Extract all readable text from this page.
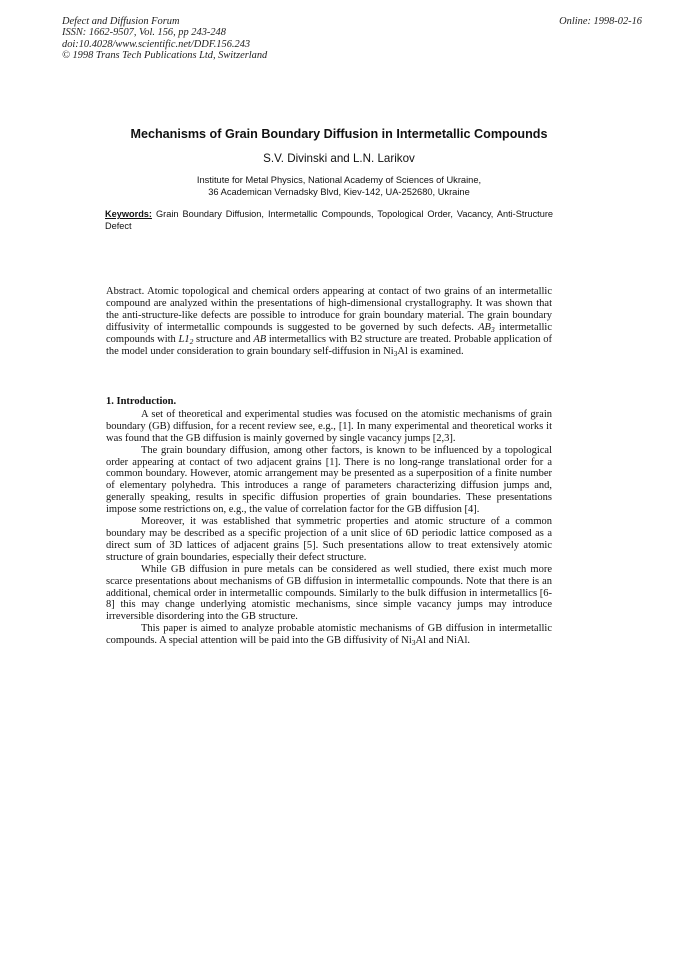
Defect and Diffusion Forum
ISSN: 1662-9507, Vol. 156, pp 243-248
doi:10.4028/www.scientific.net/DDF.156.243
© 1998 Trans Tech Publications Ltd, Switzerland
Online: 1998-02-16
Mechanisms of Grain Boundary Diffusion in Intermetallic Compounds
S.V. Divinski and L.N. Larikov
Institute for Metal Physics, National Academy of Sciences of Ukraine,
36 Academican Vernadsky Blvd, Kiev-142, UA-252680, Ukraine
Keywords: Grain Boundary Diffusion, Intermetallic Compounds, Topological Order, Vacancy, Anti-Structure Defect

Abstract. Atomic topological and chemical orders appearing at contact of two grains of an intermetallic compound are analyzed within the presentations of high-dimensional crystallography. It was shown that the anti-structure-like defects are possible to introduce for grain boundary material. The grain boundary diffusivity of intermetallic compounds is suggested to be governed by such defects. $AB_3$ intermetallic compounds with $L1_2$ structure and AB intermetallics with B2 structure are treated. Probable application of the model under consideration to grain boundary self-diffusion in $Ni_3Al$ is examined.

1. Introduction.

A set of theoretical and experimental studies was focused on the atomistic mechanisms of grain boundary (GB) diffusion, for a recent review see, e.g., [1]. In many experimental and theoretical works it was found that the GB diffusion is mainly governed by single vacancy jumps [2,3].

The grain boundary diffusion, among other factors, is known to be influenced by a topological order appearing at contact of two adjacent grains [1]. There is no long-range translational order for a common boundary. However, atomic arrangement may be presented as a superposition of a finite number of elementary polyhedra. This introduces a range of parameters characterizing diffusion jumps and, generally speaking, results in specific diffusion properties of grain boundaries. These presentations impose some restrictions on, e.g., the value of correlation factor for the GB diffusion [4].

Moreover, it was established that symmetric properties and atomic structure of a common boundary may be described as a specific projection of a unit slice of 6D periodic lattice composed as a direct sum of 3D lattices of adjacent grains [5]. Such presentations allow to treat extensively atomic structure of grain boundaries, especially their defect structure.

While GB diffusion in pure metals can be considered as well studied, there exist much more scarce presentations about mechanisms of GB diffusion in intermetallic compounds. Note that there is an additional, chemical order in intermetallic compounds. Similarly to the bulk diffusion in intermetallics [6-8] this may change underlying atomistic mechanisms, since simple vacancy jumps may introduce irreversible disordering into the GB structure.

This paper is aimed to analyze probable atomistic mechanisms of GB diffusion in intermetallic compounds. A special attention will be paid into the GB diffusivity of $Ni_3Al$ and NiAl.
